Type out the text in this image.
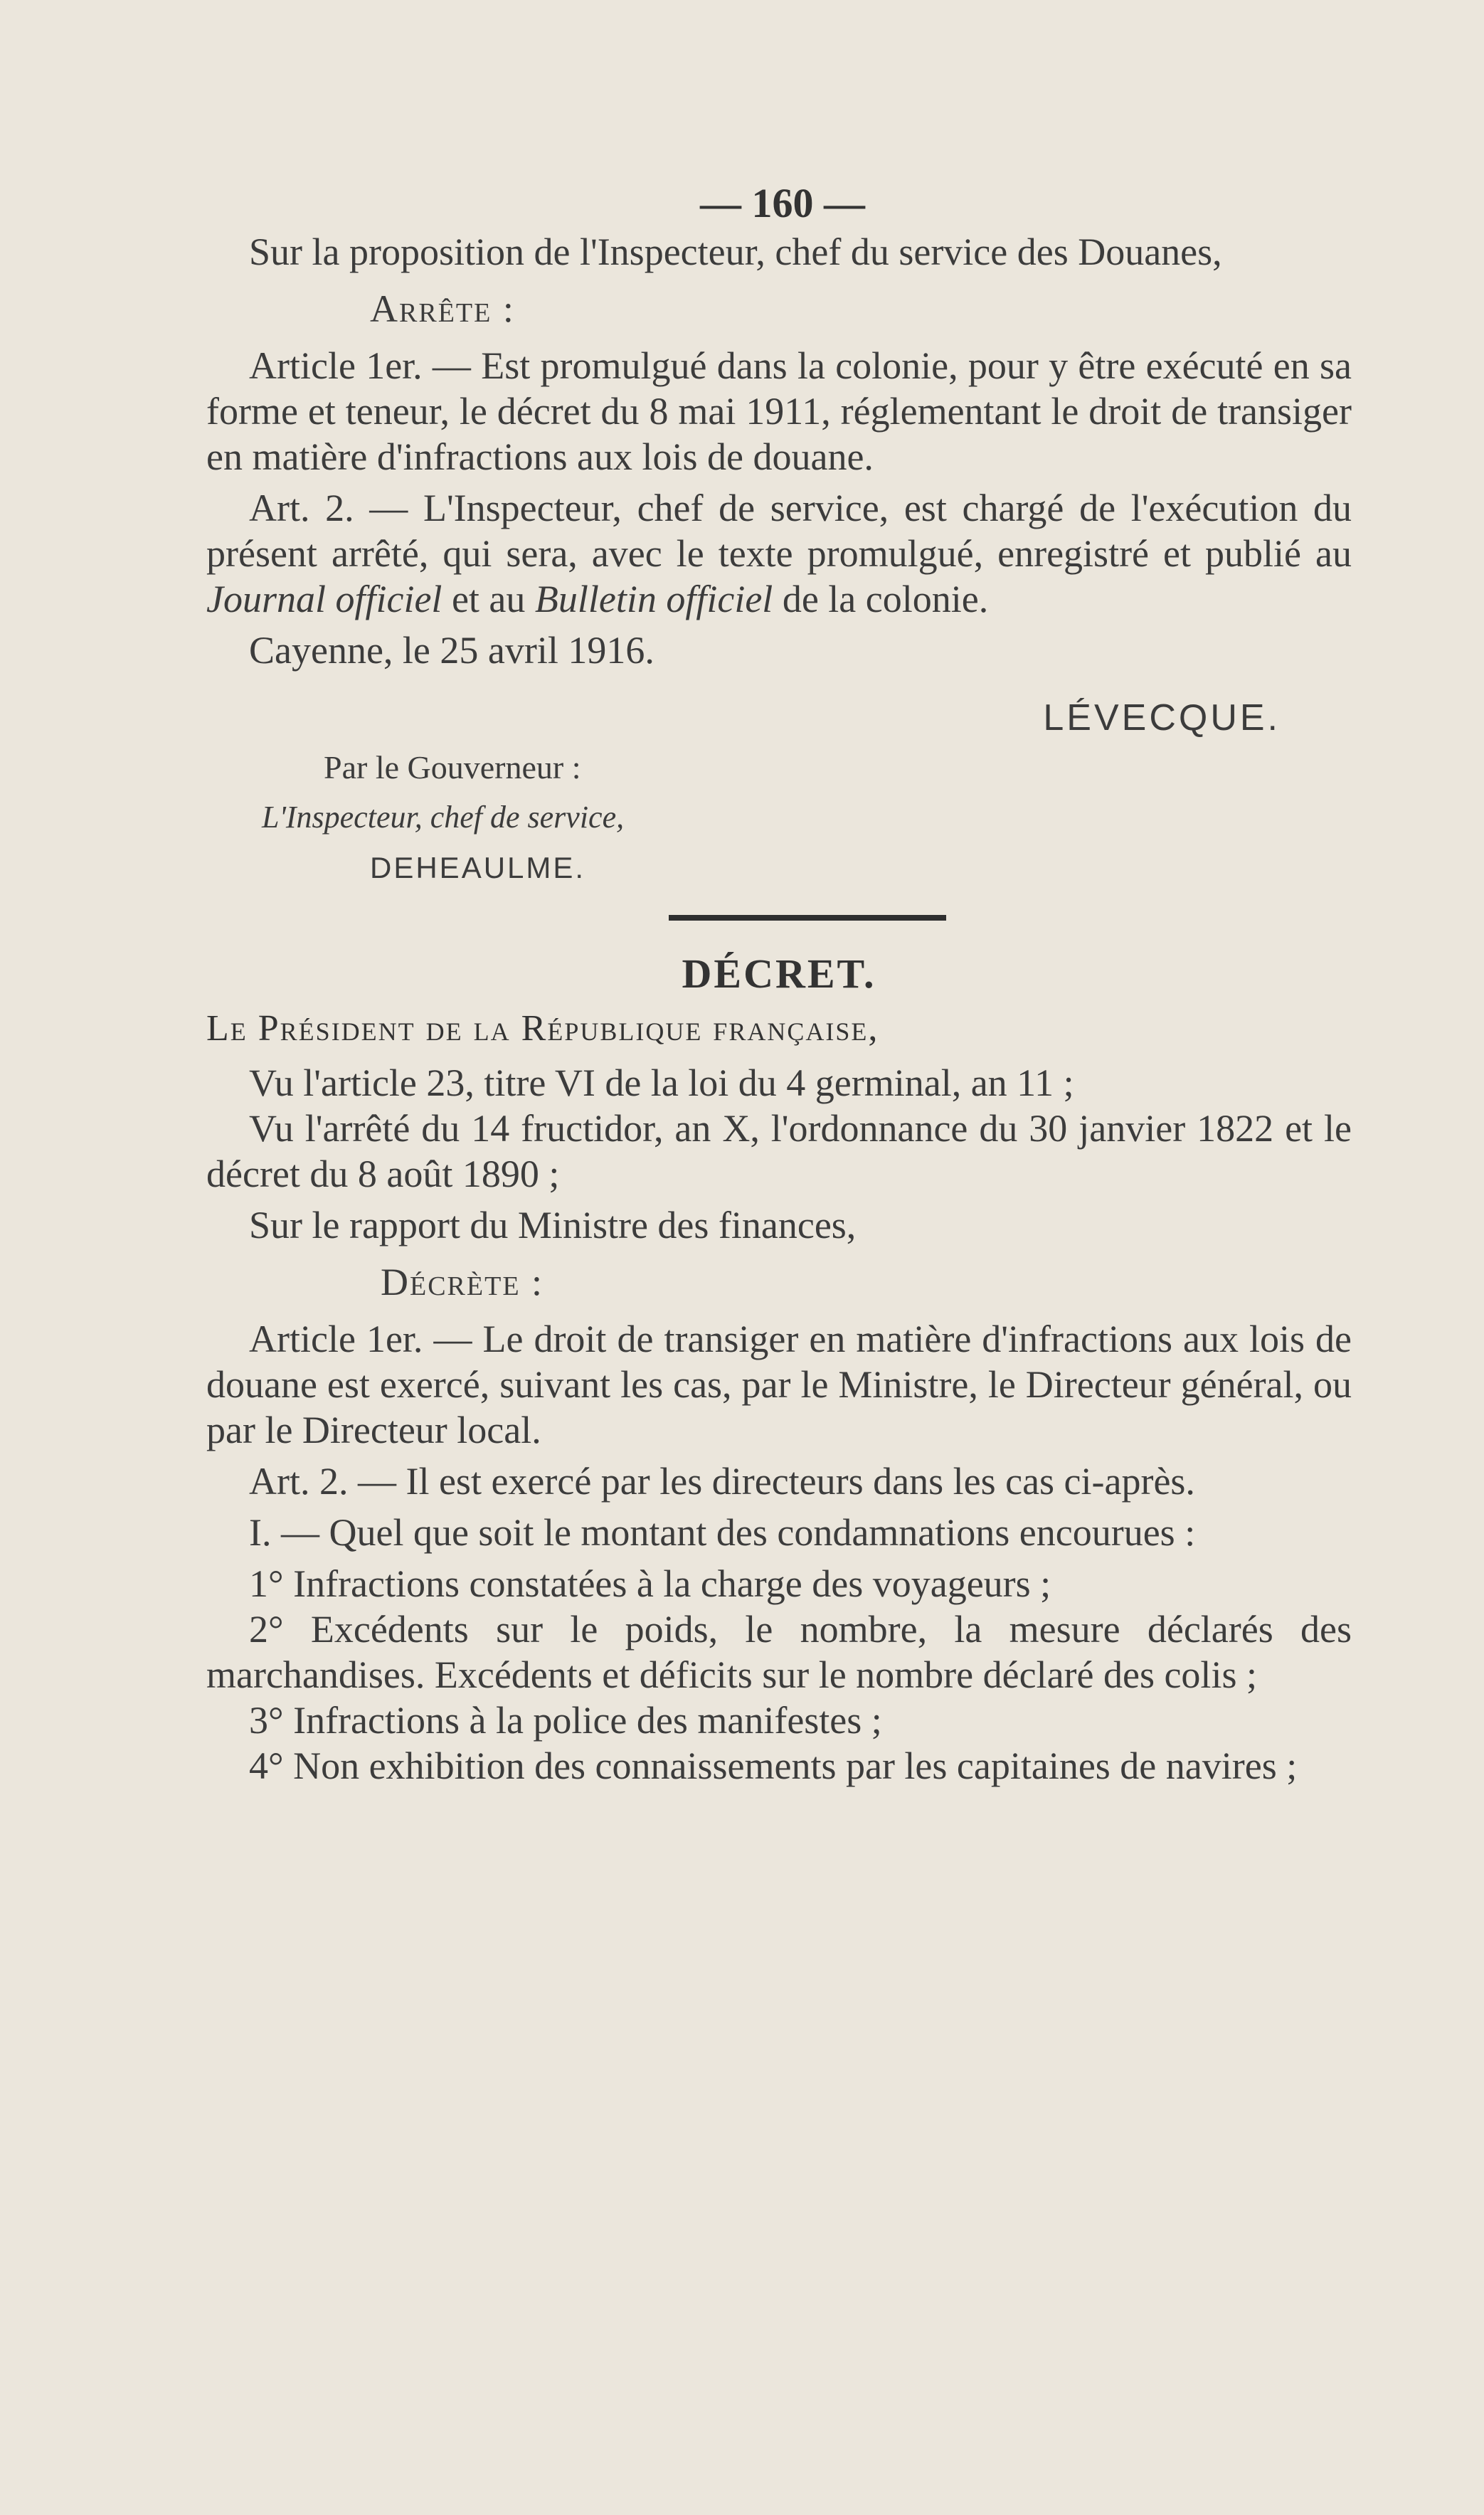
— 160 —

Sur la proposition de l'Inspecteur, chef du service des Douanes,

Arrête :

Article 1er. — Est promulgué dans la colonie, pour y être exécuté en sa forme et teneur, le décret du 8 mai 1911, réglementant le droit de transiger en matière d'infractions aux lois de douane.

Art. 2. — L'Inspecteur, chef de service, est chargé de l'exécution du présent arrêté, qui sera, avec le texte promulgué, enregistré et publié au Journal officiel et au Bulletin officiel de la colonie.

Cayenne, le 25 avril 1916.

LÉVECQUE.
Par le Gouverneur :
L'Inspecteur, chef de service,
DEHEAULME.
DÉCRET.
Le Président de la République française,

Vu l'article 23, titre VI de la loi du 4 germinal, an 11 ;

Vu l'arrêté du 14 fructidor, an X, l'ordonnance du 30 janvier 1822 et le décret du 8 août 1890 ;

Sur le rapport du Ministre des finances,

Décrète :

Article 1er. — Le droit de transiger en matière d'infractions aux lois de douane est exercé, suivant les cas, par le Ministre, le Directeur général, ou par le Directeur local.

Art. 2. — Il est exercé par les directeurs dans les cas ci-après.

I. — Quel que soit le montant des condamnations encourues :

1° Infractions constatées à la charge des voyageurs ;

2° Excédents sur le poids, le nombre, la mesure déclarés des marchandises. Excédents et déficits sur le nombre déclaré des colis ;

3° Infractions à la police des manifestes ;

4° Non exhibition des connaissements par les capitaines de navires ;
